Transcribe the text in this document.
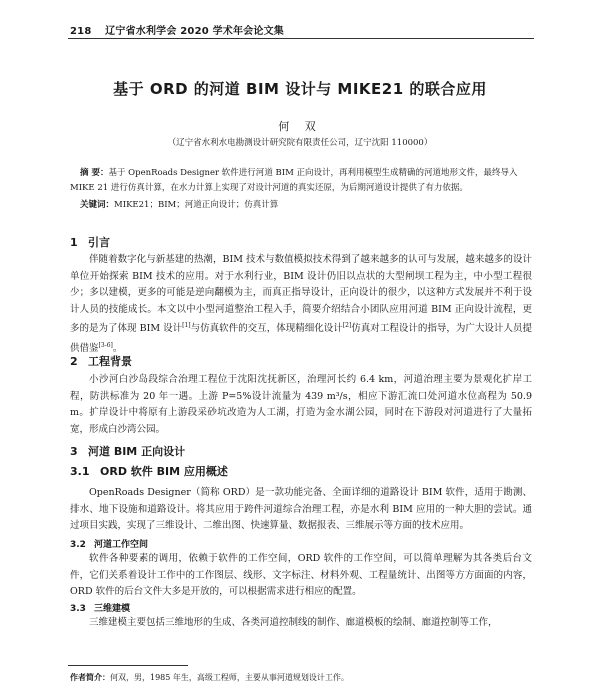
218 辽宁省水利学会 2020 学术年会论文集
基于 ORD 的河道 BIM 设计与 MIKE21 的联合应用
何 双
（辽宁省水利水电勘测设计研究院有限责任公司，辽宁沈阳 110000）
摘 要：基于 OpenRoads Designer 软件进行河道 BIM 正向设计，再利用模型生成精确的河道地形文件，最终导入 MIKE 21 进行仿真计算，在水力计算上实现了对设计河道的真实还原，为后期河道设计提供了有力依据。
关键词：MIKE21；BIM；河道正向设计；仿真计算
1 引言
伴随着数字化与新基建的热潮，BIM 技术与数值模拟技术得到了越来越多的认可与发展，越来越多的设计单位开始探索 BIM 技术的应用。对于水利行业，BIM 设计仍旧以点状的大型闸坝工程为主，中小型工程很少；多以建模，更多的可能是逆向翻模为主，而真正指导设计，正向设计的很少，以这种方式发展并不利于设计人员的技能成长。本文以中小型河道整治工程入手，简要介绍结合小团队应用河道 BIM 正向设计流程，更多的是为了体现 BIM 设计[1]与仿真软件的交互，体现精细化设计[2]仿真对工程设计的指导，为广大设计人员提供借鉴[3-6]。
2 工程背景
小沙河白沙岛段综合治理工程位于沈阳沈抚新区，治理河长约 6.4 km，河道治理主要为景观化扩岸工程，防洪标准为 20 年一遇。上游 P=5%设计流量为 439 m³/s，相应下游汇流口处河道水位高程为 50.9 m。扩岸设计中将原有上游段采砂坑改造为人工湖，打造为金水湖公园，同时在下游段对河道进行了大量拓宽，形成白沙湾公园。
3 河道 BIM 正向设计
3.1 ORD 软件 BIM 应用概述
OpenRoads Designer（简称 ORD）是一款功能完备、全面详细的道路设计 BIM 软件，适用于勘测、排水、地下设施和道路设计。将其应用于跨件河道综合治理工程，亦是水利 BIM 应用的一种大胆的尝试。通过项目实践，实现了三维设计、二维出图、快速算量、数据报表、三维展示等方面的技术应用。
3.2 河道工作空间
软件各种要素的调用，依赖于软件的工作空间，ORD 软件的工作空间，可以简单理解为其各类后台文件，它们关系着设计工作中的工作图层、线形、文字标注、材料外观、工程量统计、出图等方方面面的内容，ORD 软件的后台文件大多是开放的，可以根据需求进行相应的配置。
3.3 三维建模
三维建模主要包括三维地形的生成、各类河道控制线的制作、廊道模板的绘制、廊道控制等工作，
作者简介：何双，男，1985 年生，高级工程师，主要从事河道规划设计工作。
